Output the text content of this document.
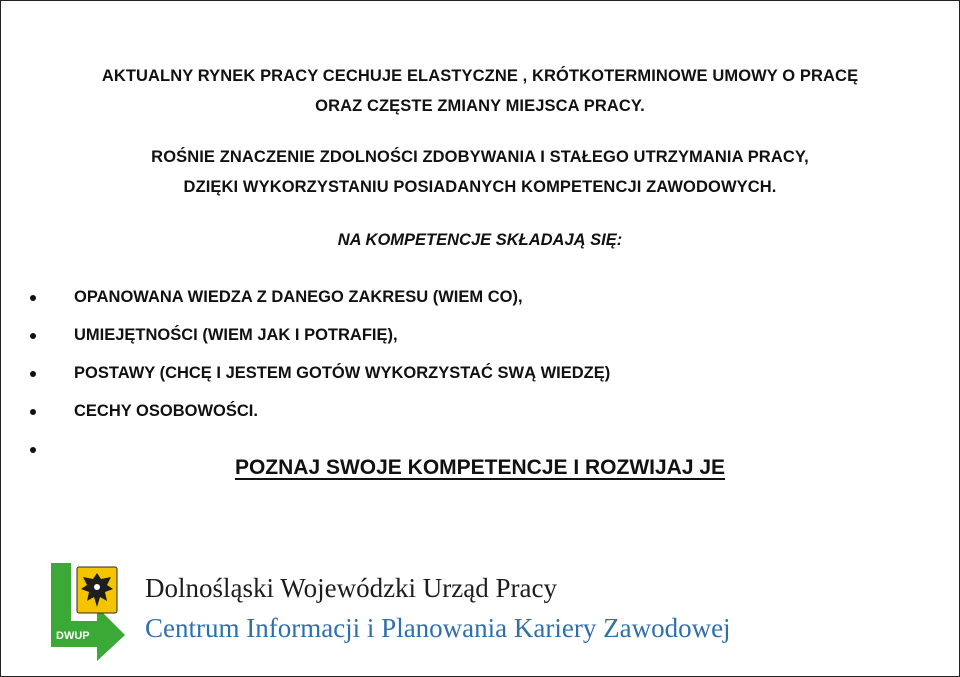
AKTUALNY RYNEK PRACY CECHUJE ELASTYCZNE , KRÓTKOTERMINOWE UMOWY O PRACĘ
ORAZ CZĘSTE ZMIANY MIEJSCA PRACY.
ROŚNIE ZNACZENIE ZDOLNOŚCI ZDOBYWANIA I STAŁEGO UTRZYMANIA PRACY,
DZIĘKI WYKORZYSTANIU POSIADANYCH KOMPETENCJI ZAWODOWYCH.
NA KOMPETENCJE SKŁADAJĄ SIĘ:
OPANOWANA WIEDZA Z DANEGO ZAKRESU (WIEM CO),
UMIEJĘTNOŚCI (WIEM JAK I POTRAFIĘ),
POSTAWY (CHCĘ I JESTEM GOTÓW WYKORZYSTAĆ SWĄ WIEDZĘ)
CECHY OSOBOWOŚCI.
POZNAJ SWOJE KOMPETENCJE I ROZWIJAJ JE
DWUP
Dolnośląski Wojewódzki Urząd Pracy
Centrum Informacji i Planowania Kariery Zawodowej
